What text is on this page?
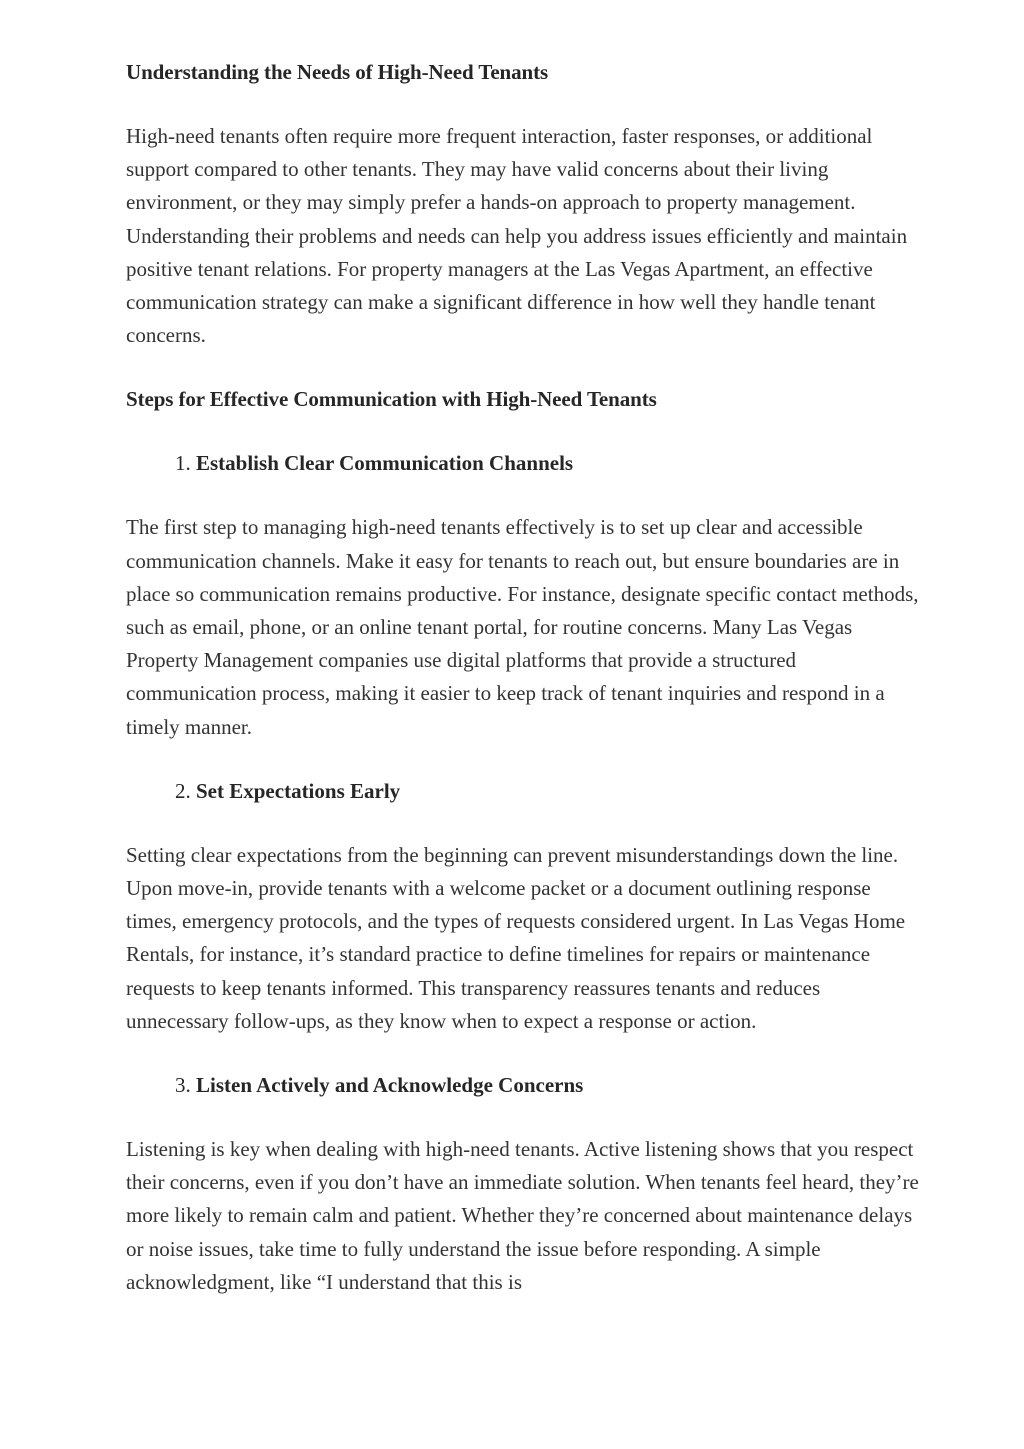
Understanding the Needs of High-Need Tenants

High-need tenants often require more frequent interaction, faster responses, or additional support compared to other tenants. They may have valid concerns about their living environment, or they may simply prefer a hands-on approach to property management. Understanding their problems and needs can help you address issues efficiently and maintain positive tenant relations. For property managers at the Las Vegas Apartment, an effective communication strategy can make a significant difference in how well they handle tenant concerns.

Steps for Effective Communication with High-Need Tenants

1. Establish Clear Communication Channels

The first step to managing high-need tenants effectively is to set up clear and accessible communication channels. Make it easy for tenants to reach out, but ensure boundaries are in place so communication remains productive. For instance, designate specific contact methods, such as email, phone, or an online tenant portal, for routine concerns. Many Las Vegas Property Management companies use digital platforms that provide a structured communication process, making it easier to keep track of tenant inquiries and respond in a timely manner.

2. Set Expectations Early

Setting clear expectations from the beginning can prevent misunderstandings down the line. Upon move-in, provide tenants with a welcome packet or a document outlining response times, emergency protocols, and the types of requests considered urgent. In Las Vegas Home Rentals, for instance, it’s standard practice to define timelines for repairs or maintenance requests to keep tenants informed. This transparency reassures tenants and reduces unnecessary follow-ups, as they know when to expect a response or action.

3. Listen Actively and Acknowledge Concerns

Listening is key when dealing with high-need tenants. Active listening shows that you respect their concerns, even if you don’t have an immediate solution. When tenants feel heard, they’re more likely to remain calm and patient. Whether they’re concerned about maintenance delays or noise issues, take time to fully understand the issue before responding. A simple acknowledgment, like “I understand that this is
